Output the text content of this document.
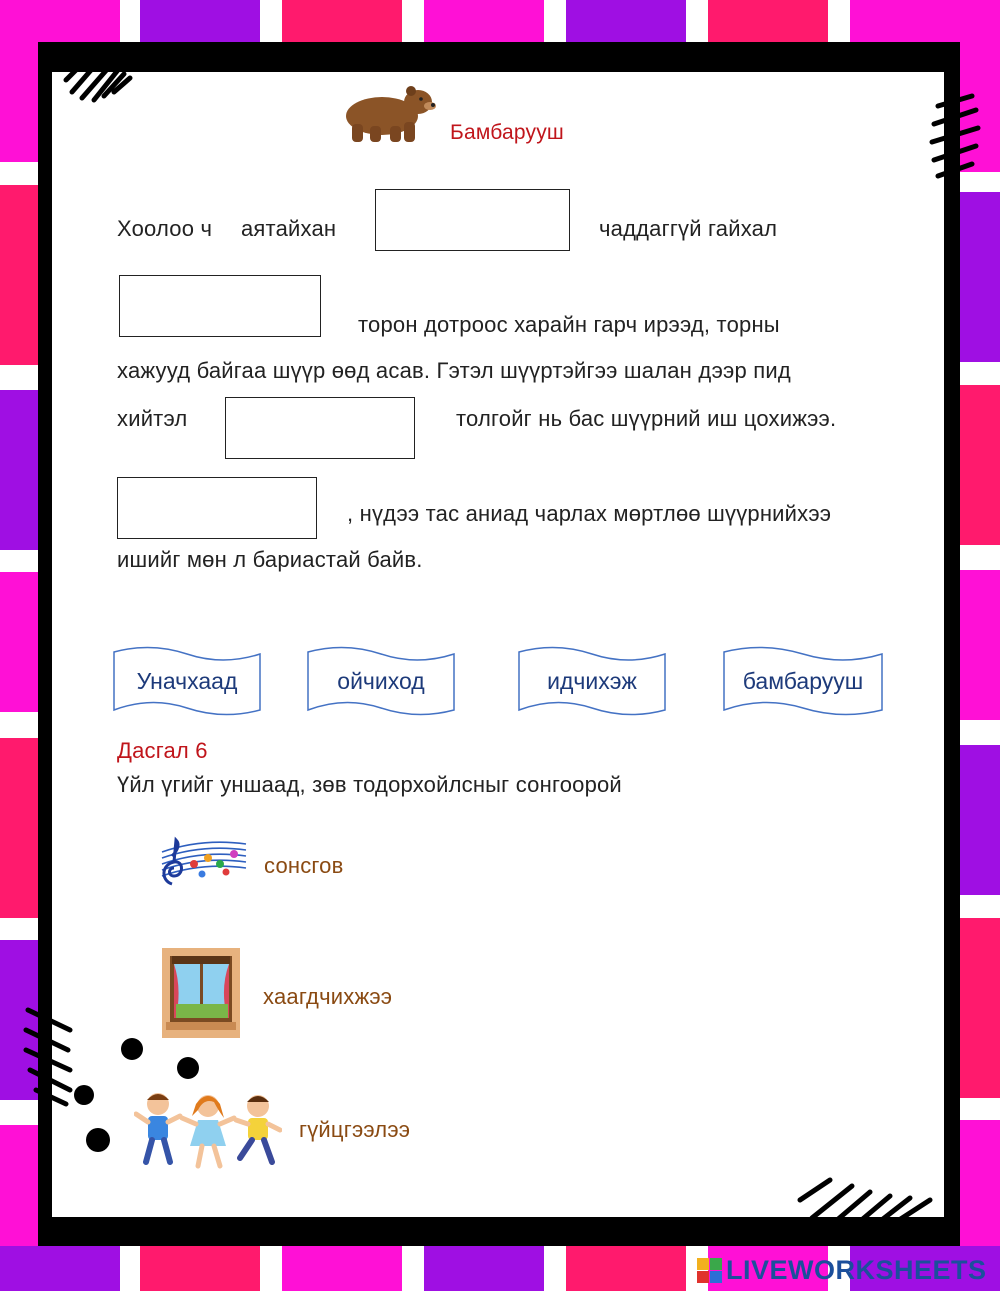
Бамбарууш
Хоолоо ч аятайхан	чаддаггүй гайхал
торон дотроос харайн гарч ирээд, торны
хажууд байгаа шүүр өөд асав. Гэтэл шүүртэйгээ шалан дээр пид
хийтэл	толгойг нь бас шүүрний иш цохижээ.
, нүдээ тас аниад чарлах мөртлөө шүүрнийхээ
ишийг мөн л бариастай байв.
Уначхаад	ойчиход	идчихэж	бамбарууш
Дасгал 6
Үйл үгийг уншаад, зөв тодорхойлсныг сонгоорой
сонсгов
хаагдчихжээ
гүйцгээлээ
LIVEWORKSHEETS
